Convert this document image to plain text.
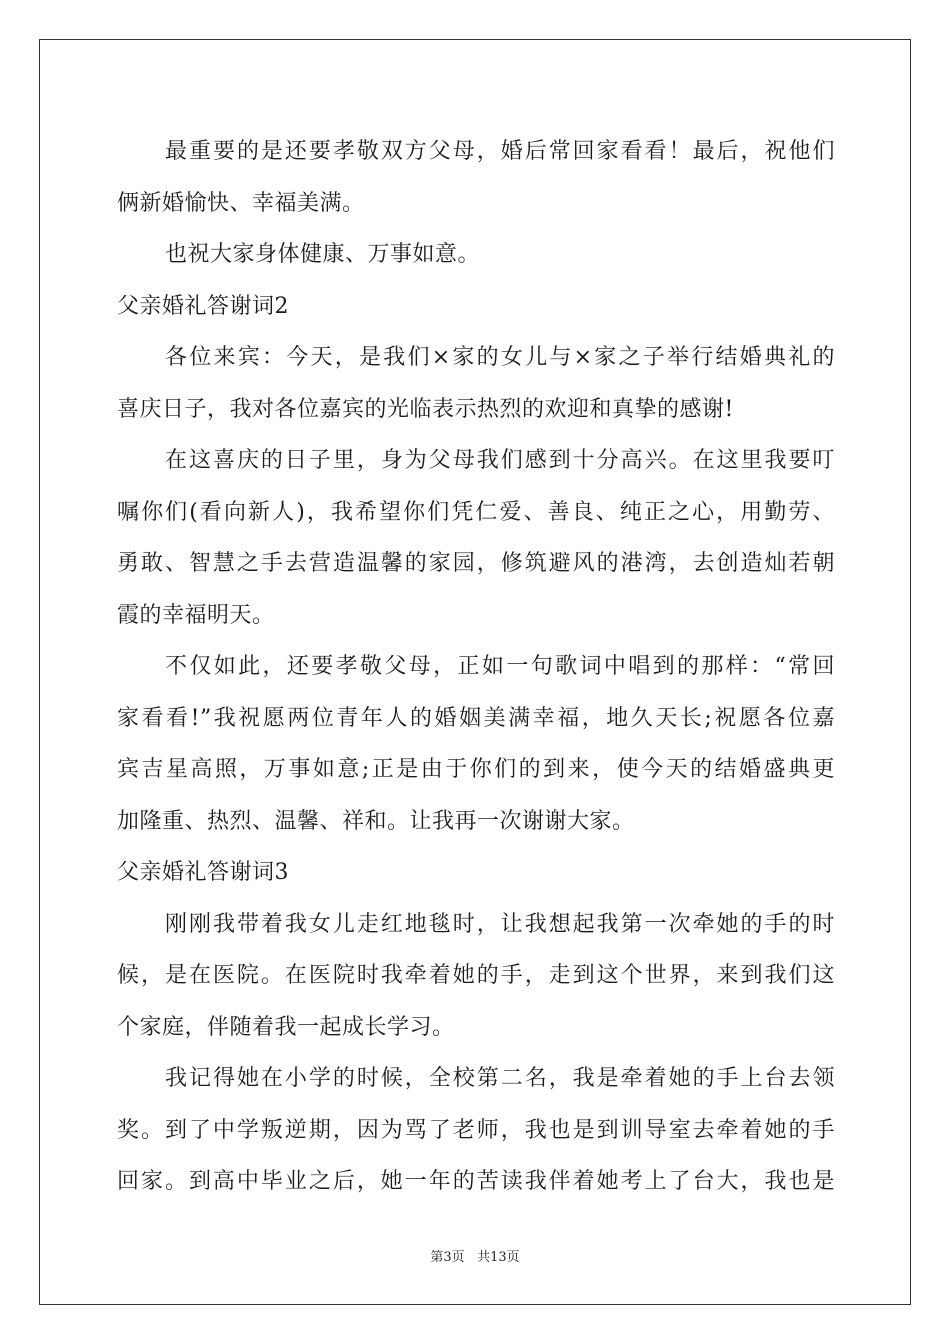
最重要的是还要孝敬双方父母，婚后常回家看看！最后，祝他们
俩新婚愉快、幸福美满。
也祝大家身体健康、万事如意。
父亲婚礼答谢词2
各位来宾：今天，是我们×家的女儿与×家之子举行结婚典礼的
喜庆日子，我对各位嘉宾的光临表示热烈的欢迎和真挚的感谢!
在这喜庆的日子里，身为父母我们感到十分高兴。在这里我要叮
嘱你们(看向新人)，我希望你们凭仁爱、善良、纯正之心，用勤劳、
勇敢、智慧之手去营造温馨的家园，修筑避风的港湾，去创造灿若朝
霞的幸福明天。
不仅如此，还要孝敬父母，正如一句歌词中唱到的那样：“常回
家看看!”我祝愿两位青年人的婚姻美满幸福，地久天长;祝愿各位嘉
宾吉星高照，万事如意;正是由于你们的到来，使今天的结婚盛典更
加隆重、热烈、温馨、祥和。让我再一次谢谢大家。
父亲婚礼答谢词3
刚刚我带着我女儿走红地毯时，让我想起我第一次牵她的手的时
候，是在医院。在医院时我牵着她的手，走到这个世界，来到我们这
个家庭，伴随着我一起成长学习。
我记得她在小学的时候，全校第二名，我是牵着她的手上台去领
奖。到了中学叛逆期，因为骂了老师，我也是到训导室去牵着她的手
回家。到高中毕业之后，她一年的苦读我伴着她考上了台大，我也是
第3页 共13页
